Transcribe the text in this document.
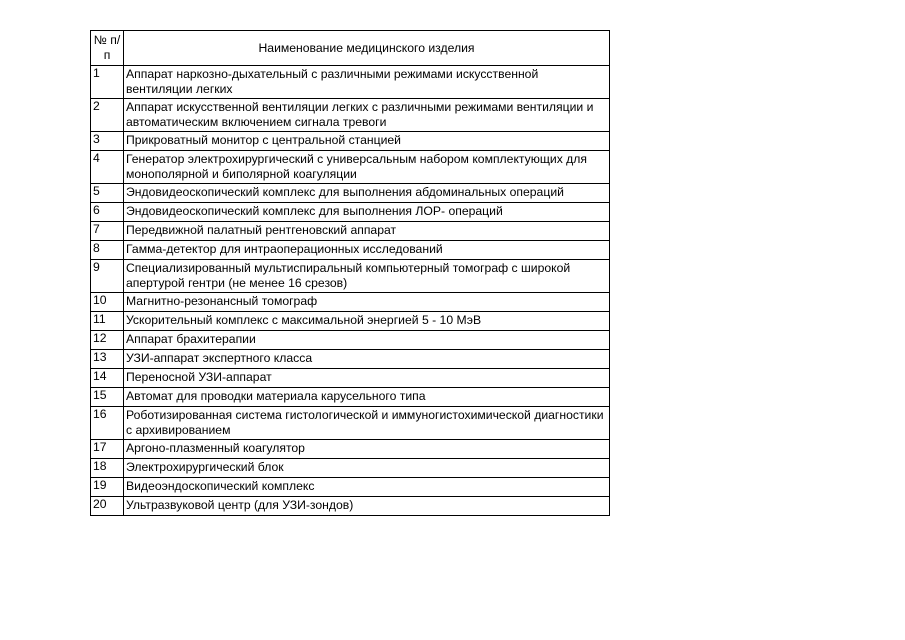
№ п/п	Наименование медицинского изделия
1	Аппарат наркозно-дыхательный с различными режимами искусственной вентиляции легких
2	Аппарат искусственной вентиляции легких с различными режимами вентиляции и автоматическим включением сигнала тревоги
3	Прикроватный монитор с центральной станцией
4	Генератор электрохирургический с универсальным набором комплектующих для монополярной и биполярной коагуляции
5	Эндовидеоскопический комплекс для выполнения абдоминальных операций
6	Эндовидеоскопический комплекс для выполнения ЛОР- операций
7	Передвижной палатный рентгеновский аппарат
8	Гамма-детектор для интраоперационных исследований
9	Специализированный мультиспиральный компьютерный томограф с широкой апертурой гентри (не менее 16 срезов)
10	Магнитно-резонансный томограф
11	Ускорительный комплекс с максимальной энергией 5 - 10 МэВ
12	Аппарат брахитерапии
13	УЗИ-аппарат экспертного класса
14	Переносной УЗИ-аппарат
15	Автомат для проводки материала карусельного типа
16	Роботизированная система гистологической и иммуногистохимической диагностики с архивированием
17	Аргоно-плазменный коагулятор
18	Электрохирургический блок
19	Видеоэндоскопический комплекс
20	Ультразвуковой центр (для УЗИ-зондов)
